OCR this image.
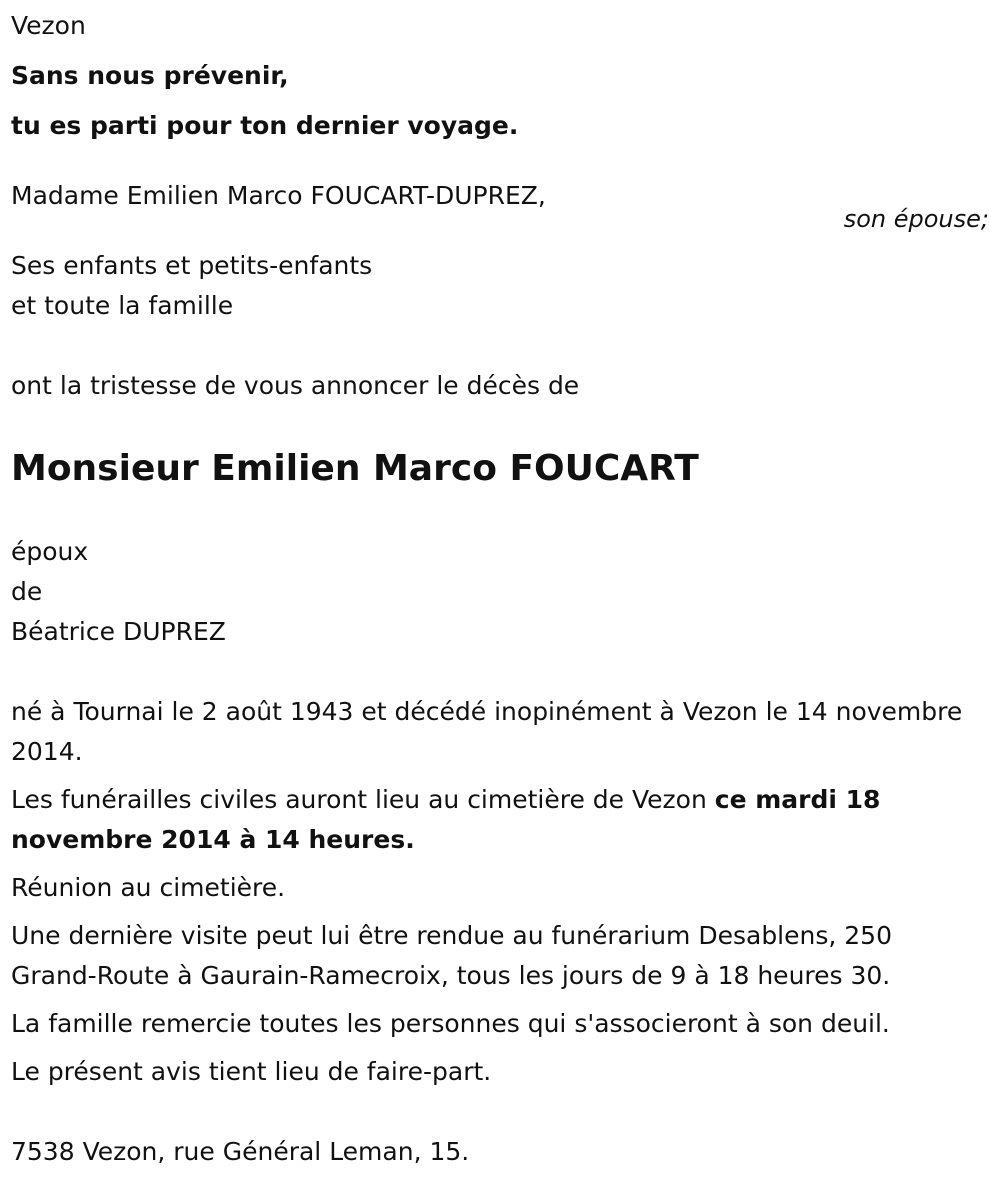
Vezon
Sans nous prévenir,
tu es parti pour ton dernier voyage.
Madame Emilien Marco FOUCART-DUPREZ,
son épouse;
Ses enfants et petits-enfants
et toute la famille
ont la tristesse de vous annoncer le décès de
Monsieur Emilien Marco FOUCART
époux
de
Béatrice DUPREZ
né à Tournai le 2 août 1943 et décédé inopinément à Vezon le 14 novembre 2014.
Les funérailles civiles auront lieu au cimetière de Vezon ce mardi 18 novembre 2014 à 14 heures.
Réunion au cimetière.
Une dernière visite peut lui être rendue au funérarium Desablens, 250 Grand-Route à Gaurain-Ramecroix, tous les jours de 9 à 18 heures 30.
La famille remercie toutes les personnes qui s'associeront à son deuil.
Le présent avis tient lieu de faire-part.
7538 Vezon, rue Général Leman, 15.
